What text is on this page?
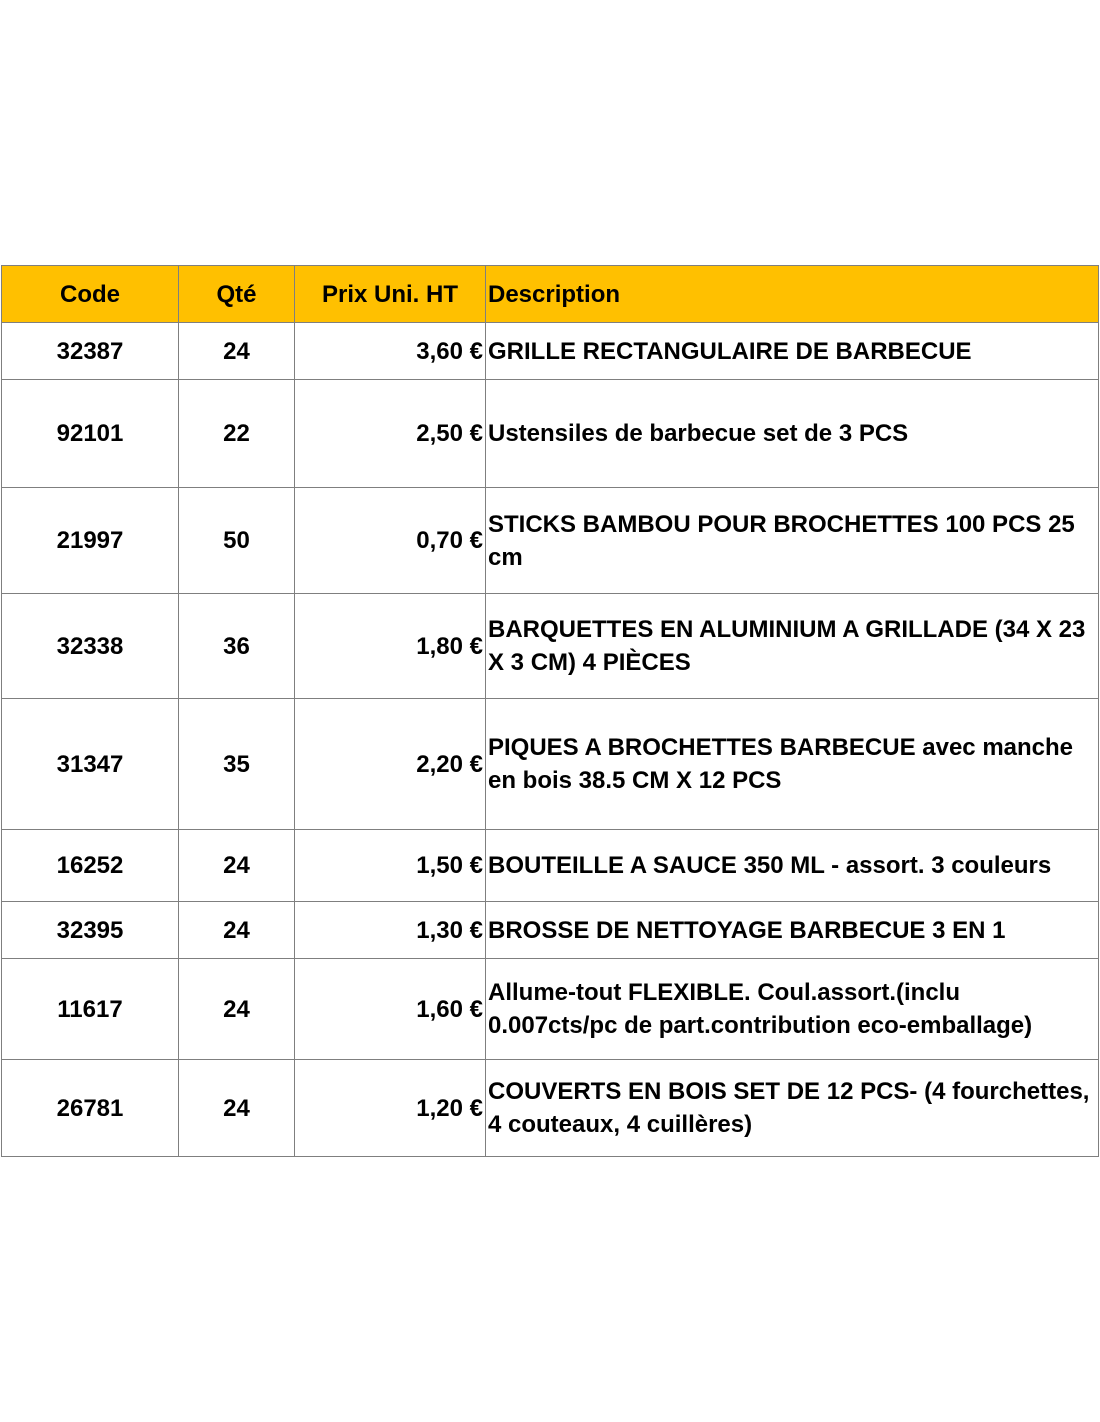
Code	Qté	Prix Uni. HT	Description
32387	24	3,60 €	GRILLE RECTANGULAIRE DE BARBECUE
92101	22	2,50 €	Ustensiles de barbecue set de 3 PCS
21997	50	0,70 €	STICKS BAMBOU POUR BROCHETTES 100 PCS 25 cm
32338	36	1,80 €	BARQUETTES EN ALUMINIUM A GRILLADE (34 X 23 X 3 CM) 4 PIÈCES
31347	35	2,20 €	PIQUES A BROCHETTES BARBECUE avec manche en bois 38.5 CM X 12 PCS
16252	24	1,50 €	BOUTEILLE A SAUCE 350 ML - assort. 3 couleurs
32395	24	1,30 €	BROSSE DE NETTOYAGE BARBECUE 3 EN 1
11617	24	1,60 €	Allume-tout FLEXIBLE. Coul.assort.(inclu 0.007cts/pc de part.contribution eco-emballage)
26781	24	1,20 €	COUVERTS EN BOIS SET DE 12 PCS- (4 fourchettes, 4 couteaux, 4 cuillères)
